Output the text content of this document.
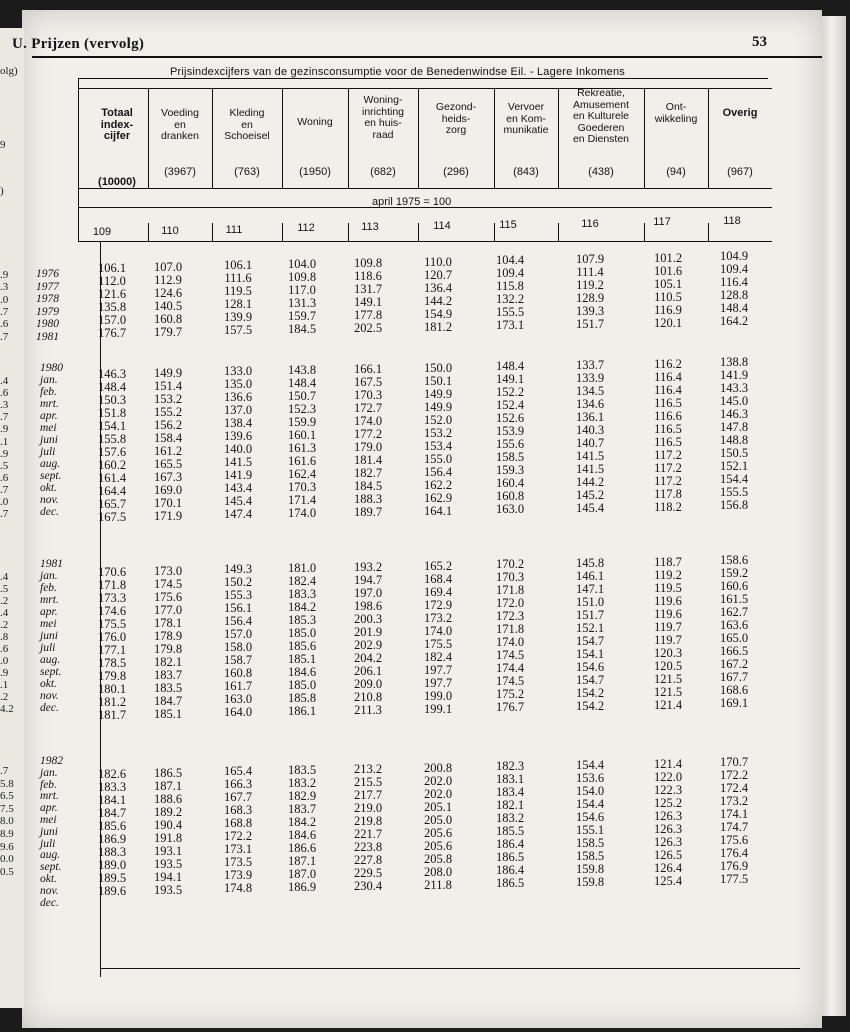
olg)
9
)
.9
.3
.0
.7
.6
.7
.4
.6
.3
.7
.9
.1
.9
.5
.6
.7
.0
.7
.4
.5
.2
.4
.2
.8
.6
.0
.9
.1
.2
4.2
.7
5.8
6.5
7.5
8.0
8.9
9.6
0.0
0.5
U. Prijzen (vervolg)	53
Prijsindexcijfers van de gezinsconsumptie voor de Benedenwindse Eil. - Lagere Inkomens
april 1975 = 100
Totaal
index-
cijfer
(10000)
109
Voeding
en
dranken
(3967)
110
Kleding
en
Schoeisel
(763)
111
Woning
(1950)
112
Woning-
inrichting
en huis-
raad
(682)
113
Gezond-
heids-
zorg
(296)
114
Vervoer
en Kom-
munikatie
(843)
115
Rekreatie,
Amusement
en Kulturele
Goederen
en Diensten
(438)
116
Ont-
wikkeling
(94)
117
Overig
(967)
118
1976
1977
1978
1979
1980
1981
1980
jan.
feb.
mrt.
apr.
mei
juni
juli
aug.
sept.
okt.
nov.
dec.
1981
jan.
feb.
mrt.
apr.
mei
juni
juli
aug.
sept.
okt.
nov.
dec.
1982
jan.
feb.
mrt.
apr.
mei
juni
juli
aug.
sept.
okt.
nov.
dec.
106.1
112.0
121.6
135.8
157.0
176.7
107.0
112.9
124.6
140.5
160.8
179.7
106.1
111.6
119.5
128.1
139.9
157.5
104.0
109.8
117.0
131.3
159.7
184.5
109.8
118.6
131.7
149.1
177.8
202.5
110.0
120.7
136.4
144.2
154.9
181.2
104.4
109.4
115.8
132.2
155.5
173.1
107.9
111.4
119.2
128.9
139.3
151.7
101.2
101.6
105.1
110.5
116.9
120.1
104.9
109.4
116.4
128.8
148.4
164.2
146.3
148.4
150.3
151.8
154.1
155.8
157.6
160.2
161.4
164.4
165.7
167.5
149.9
151.4
153.2
155.2
156.2
158.4
161.2
165.5
167.3
169.0
170.1
171.9
133.0
135.0
136.6
137.0
138.4
139.6
140.0
141.5
141.9
143.4
145.4
147.4
143.8
148.4
150.7
152.3
159.9
160.1
161.3
161.6
162.4
170.3
171.4
174.0
166.1
167.5
170.3
172.7
174.0
177.2
179.0
181.4
182.7
184.5
188.3
189.7
150.0
150.1
149.9
149.9
152.0
153.2
153.4
155.0
156.4
162.2
162.9
164.1
148.4
149.1
152.2
152.4
152.6
153.9
155.6
158.5
159.3
160.4
160.8
163.0
133.7
133.9
134.5
134.6
136.1
140.3
140.7
141.5
141.5
144.2
145.2
145.4
116.2
116.4
116.4
116.5
116.6
116.5
116.5
117.2
117.2
117.2
117.8
118.2
138.8
141.9
143.3
145.0
146.3
147.8
148.8
150.5
152.1
154.4
155.5
156.8
170.6
171.8
173.3
174.6
175.5
176.0
177.1
178.5
179.8
180.1
181.2
181.7
173.0
174.5
175.6
177.0
178.1
178.9
179.8
182.1
183.7
183.5
184.7
185.1
149.3
150.2
155.3
156.1
156.4
157.0
158.0
158.7
160.8
161.7
163.0
164.0
181.0
182.4
183.3
184.2
185.3
185.0
185.6
185.1
184.6
185.0
185.8
186.1
193.2
194.7
197.0
198.6
200.3
201.9
202.9
204.2
206.1
209.0
210.8
211.3
165.2
168.4
169.4
172.9
173.2
174.0
175.5
182.4
197.7
197.7
199.0
199.1
170.2
170.3
171.8
172.0
172.3
171.8
174.0
174.5
174.4
174.5
175.2
176.7
145.8
146.1
147.1
151.0
151.7
152.1
154.7
154.1
154.6
154.7
154.2
154.2
118.7
119.2
119.5
119.6
119.6
119.7
119.7
120.3
120.5
121.5
121.5
121.4
158.6
159.2
160.6
161.5
162.7
163.6
165.0
166.5
167.2
167.7
168.6
169.1
182.6
183.3
184.1
184.7
185.6
186.9
188.3
189.0
189.5
189.6
186.5
187.1
188.6
189.2
190.4
191.8
193.1
193.5
194.1
193.5
165.4
166.3
167.7
168.3
168.8
172.2
173.1
173.5
173.9
174.8
183.5
183.2
182.9
183.7
184.2
184.6
186.6
187.1
187.0
186.9
213.2
215.5
217.7
219.0
219.8
221.7
223.8
227.8
229.5
230.4
200.8
202.0
202.0
205.1
205.0
205.6
205.6
205.8
208.0
211.8
182.3
183.1
183.4
182.1
183.2
185.5
186.4
186.5
186.4
186.5
154.4
153.6
154.0
154.4
154.6
155.1
158.5
158.5
159.8
159.8
121.4
122.0
122.3
125.2
126.3
126.3
126.3
126.5
126.4
125.4
170.7
172.2
172.4
173.2
174.1
174.7
175.6
176.4
176.9
177.5
